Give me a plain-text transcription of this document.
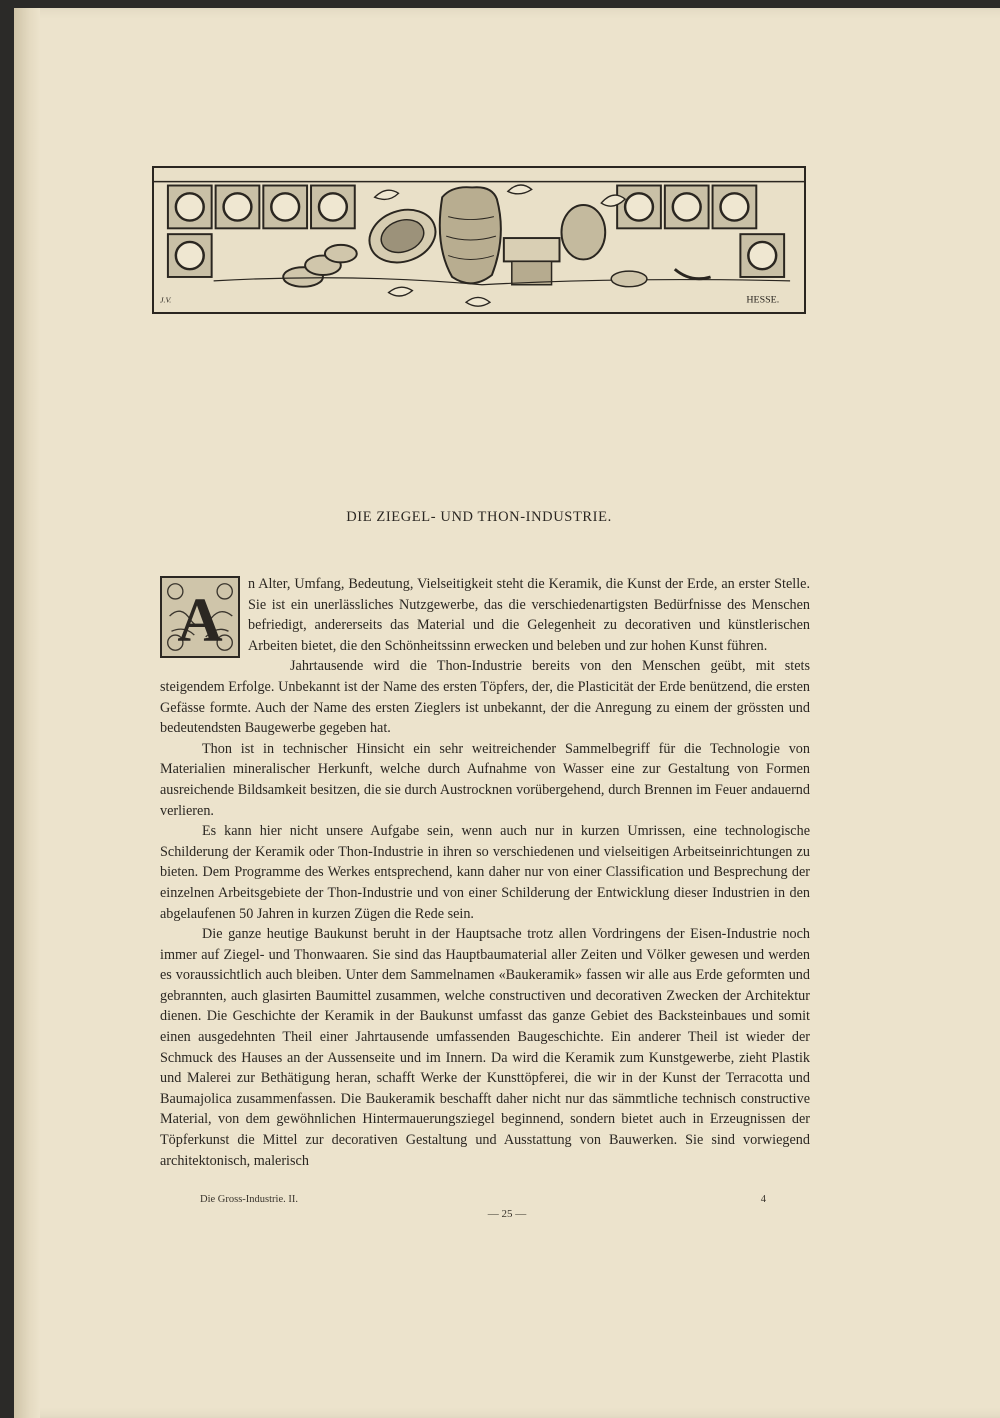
J.V.	HESSE.
DIE ZIEGEL- UND THON-INDUSTRIE.

A
n Alter, Umfang, Bedeutung, Vielseitigkeit steht die Keramik, die Kunst der Erde, an erster Stelle. Sie ist ein unerlässliches Nutzgewerbe, das die verschiedenartigsten Bedürfnisse des Menschen befriedigt, andererseits das Material und die Gelegenheit zu decorativen und künstlerischen Arbeiten bietet, die den Schönheitssinn erwecken und beleben und zur hohen Kunst führen.

Jahrtausende wird die Thon-Industrie bereits von den Menschen geübt, mit stets steigendem Erfolge. Unbekannt ist der Name des ersten Töpfers, der, die Plasticität der Erde benützend, die ersten Gefässe formte. Auch der Name des ersten Zieglers ist unbekannt, der die Anregung zu einem der grössten und bedeutendsten Baugewerbe gegeben hat.

Thon ist in technischer Hinsicht ein sehr weitreichender Sammelbegriff für die Technologie von Materialien mineralischer Herkunft, welche durch Aufnahme von Wasser eine zur Gestaltung von Formen ausreichende Bildsamkeit besitzen, die sie durch Austrocknen vorübergehend, durch Brennen im Feuer andauernd verlieren.

Es kann hier nicht unsere Aufgabe sein, wenn auch nur in kurzen Umrissen, eine technologische Schilderung der Keramik oder Thon-Industrie in ihren so verschiedenen und vielseitigen Arbeitseinrichtungen zu bieten. Dem Programme des Werkes entsprechend, kann daher nur von einer Classification und Besprechung der einzelnen Arbeitsgebiete der Thon-Industrie und von einer Schilderung der Entwicklung dieser Industrien in den abgelaufenen 50 Jahren in kurzen Zügen die Rede sein.

Die ganze heutige Baukunst beruht in der Hauptsache trotz allen Vordringens der Eisen-Industrie noch immer auf Ziegel- und Thonwaaren. Sie sind das Hauptbaumaterial aller Zeiten und Völker gewesen und werden es voraussichtlich auch bleiben. Unter dem Sammelnamen «Baukeramik» fassen wir alle aus Erde geformten und gebrannten, auch glasirten Baumittel zusammen, welche constructiven und decorativen Zwecken der Architektur dienen. Die Geschichte der Keramik in der Baukunst umfasst das ganze Gebiet des Backsteinbaues und somit einen ausgedehnten Theil einer Jahrtausende umfassenden Baugeschichte. Ein anderer Theil ist wieder der Schmuck des Hauses an der Aussenseite und im Innern. Da wird die Keramik zum Kunstgewerbe, zieht Plastik und Malerei zur Bethätigung heran, schafft Werke der Kunsttöpferei, die wir in der Kunst der Terracotta und Baumajolica zusammenfassen. Die Baukeramik beschafft daher nicht nur das sämmtliche technisch constructive Material, von dem gewöhnlichen Hintermauerungsziegel beginnend, sondern bietet auch in Erzeugnissen der Töpferkunst die Mittel zur decorativen Gestaltung und Ausstattung von Bauwerken. Sie sind vorwiegend architektonisch, malerisch

Die Gross-Industrie. II.	4
— 25 —
